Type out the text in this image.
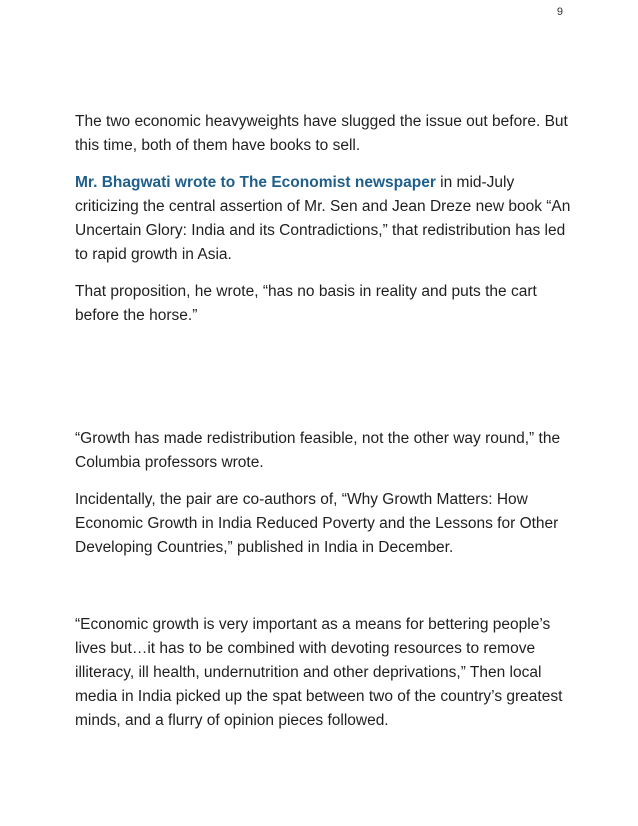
9

The two economic heavyweights have slugged the issue out before. But this time, both of them have books to sell.

Mr. Bhagwati wrote to The Economist newspaper in mid-July criticizing the central assertion of Mr. Sen and Jean Dreze new book “An Uncertain Glory: India and its Contradictions,” that redistribution has led to rapid growth in Asia.

That proposition, he wrote, “has no basis in reality and puts the cart before the horse.”

“Growth has made redistribution feasible, not the other way round,” the Columbia professors wrote.

Incidentally, the pair are co-authors of, “Why Growth Matters: How Economic Growth in India Reduced Poverty and the Lessons for Other Developing Countries,” published in India in December.

“Economic growth is very important as a means for bettering people’s lives but…it has to be combined with devoting resources to remove illiteracy, ill health, undernutrition and other deprivations,” Then local media in India picked up the spat between two of the country’s greatest minds, and a flurry of opinion pieces followed.
